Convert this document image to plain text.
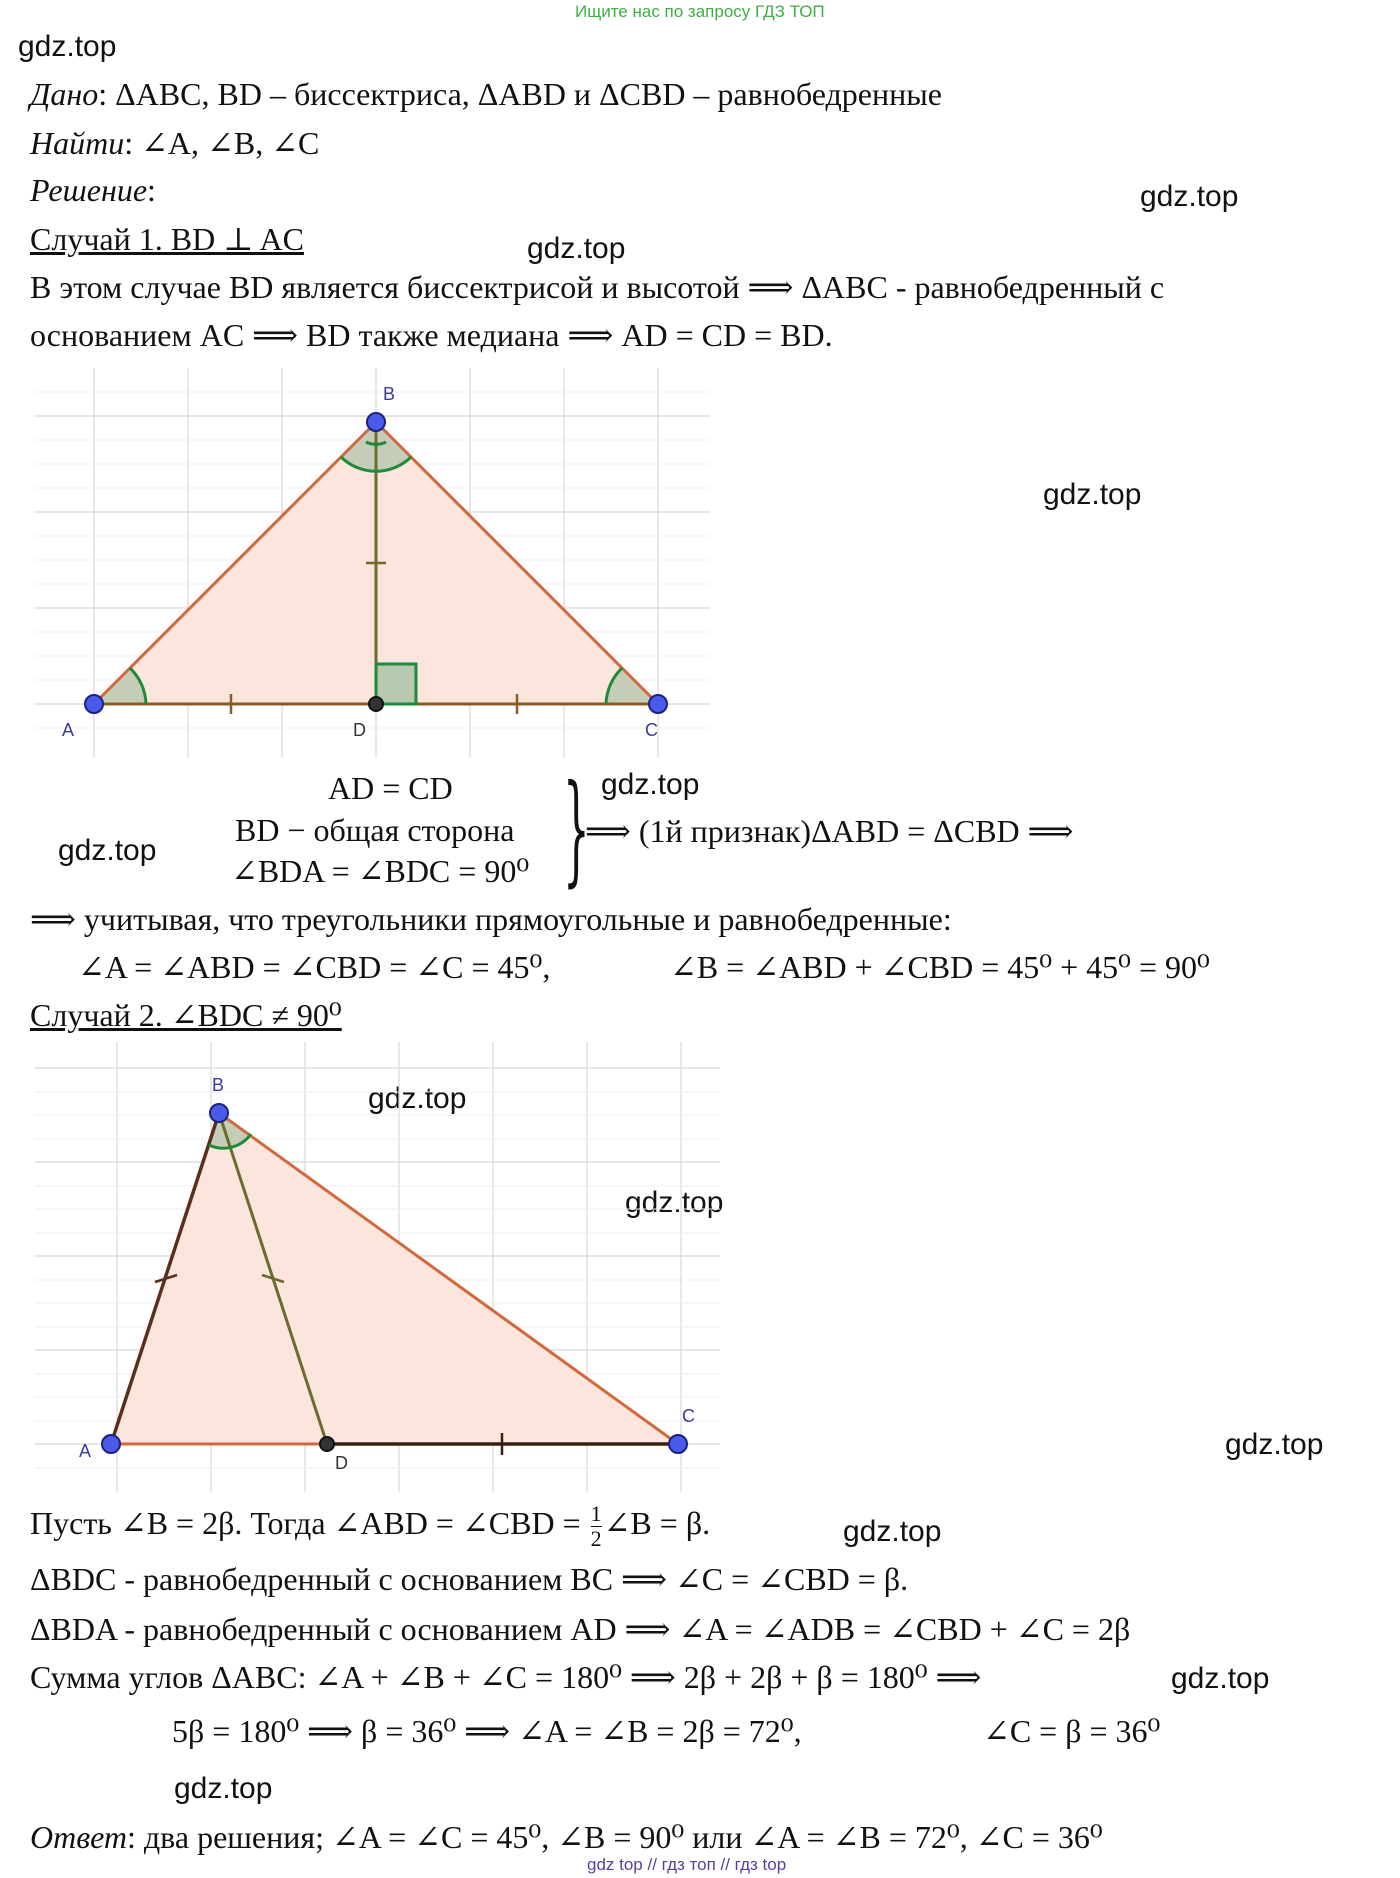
Ищите нас по запросу ГДЗ ТОП
gdz.top
gdz.top
gdz.top
gdz.top
gdz.top
gdz.top
gdz.top
gdz.top
gdz.top
gdz.top
gdz.top
gdz.top
Дано: ΔABC, BD – биссектриса, ΔABD и ΔCBD – равнобедренные
Найти: ∠A, ∠B, ∠C
Решение:
Случай 1. BD ⊥ AC
В этом случае BD является биссектрисой и высотой ⟹ ΔABC - равнобедренный с
основанием AC ⟹ BD также медиана ⟹ AD = CD = BD.
A
B
C
D
AD = CD
BD − общая сторона
∠BDA = ∠BDC = 90⁰ }
⟹ (1й признак)ΔABD = ΔCBD ⟹
⟹ учитывая, что треугольники прямоугольные и равнобедренные:
∠A = ∠ABD = ∠CBD = ∠C = 45⁰,	∠B = ∠ABD + ∠CBD = 45⁰ + 45⁰ = 90⁰
Случай 2. ∠BDC ≠ 90⁰
A
B
C
D
Пусть ∠B = 2β. Тогда ∠ABD = ∠CBD = $\frac{1}{2}$ ∠B = β.
ΔBDC - равнобедренный с основанием BC ⟹ ∠C = ∠CBD = β.
ΔBDA - равнобедренный с основанием AD ⟹ ∠A = ∠ADB = ∠CBD + ∠C = 2β
Сумма углов ΔABC: ∠A + ∠B + ∠C = 180⁰ ⟹ 2β + 2β + β = 180⁰ ⟹
5β = 180⁰ ⟹ β = 36⁰ ⟹ ∠A = ∠B = 2β = 72⁰,	∠C = β = 36⁰
Ответ: два решения; ∠A = ∠C = 45⁰, ∠B = 90⁰ или ∠A = ∠B = 72⁰, ∠C = 36⁰
gdz top // гдз топ // гдз top
